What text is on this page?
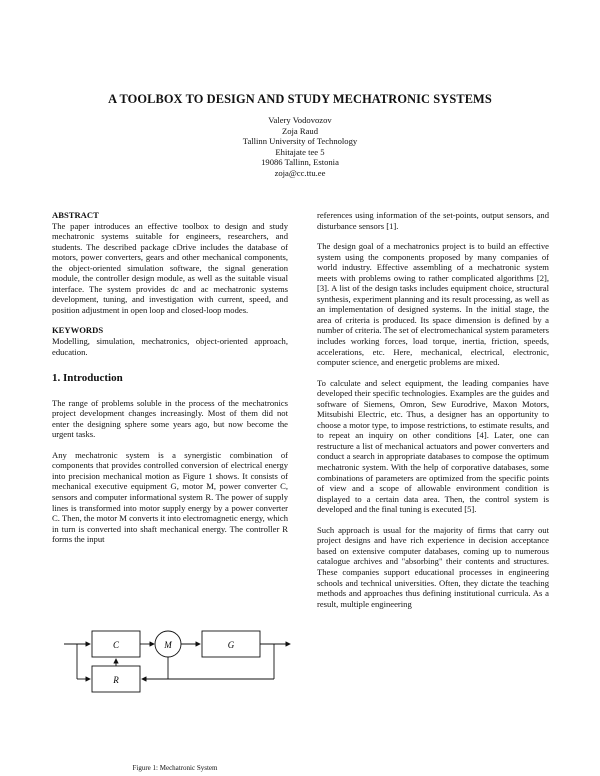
A TOOLBOX TO DESIGN AND STUDY MECHATRONIC SYSTEMS
Valery Vodovozov
Zoja Raud
Tallinn University of Technology
Ehitajate tee 5
19086 Tallinn, Estonia
zoja@cc.ttu.ee

ABSTRACT

The paper introduces an effective toolbox to design and study mechatronic systems suitable for engineers, researchers, and students. The described package cDrive includes the database of motors, power converters, gears and other mechanical components, the object-oriented simulation software, the signal generation module, the controller design module, as well as the suitable visual interface. The system provides dc and ac mechatronic systems development, tuning, and investigation with current, speed, and position adjustment in open loop and closed-loop modes.

KEYWORDS

Modelling, simulation, mechatronics, object-oriented approach, education.

1. Introduction

The range of problems soluble in the process of the mechatronics project development changes increasingly. Most of them did not enter the designing sphere some years ago, but now become the urgent tasks.

Any mechatronic system is a synergistic combination of components that provides controlled conversion of electrical energy into precision mechanical motion as Figure 1 shows. It consists of mechanical executive equipment G, motor M, power converter C, sensors and computer informational system R. The power of supply lines is transformed into motor supply energy by a power converter C. Then, the motor M converts it into electromagnetic energy, which in turn is converted into shaft mechanical energy. The controller R forms the input

references using information of the set-points, output sensors, and disturbance sensors [1].

The design goal of a mechatronics project is to build an effective system using the components proposed by many companies of world industry. Effective assembling of a mechatronic system meets with problems owing to rather complicated algorithms [2], [3]. A list of the design tasks includes equipment choice, structural synthesis, experiment planning and its result processing, as well as an implementation of designed systems. In the initial stage, the area of criteria is produced. Its space dimension is defined by a number of criteria. The set of electromechanical system parameters includes working forces, load torque, inertia, friction, speeds, accelerations, etc. Here, mechanical, electrical, electronic, computer science, and energetic problems are mixed.

To calculate and select equipment, the leading companies have developed their specific technologies. Examples are the guides and software of Siemens, Omron, Sew Eurodrive, Maxon Motors, Mitsubishi Electric, etc. Thus, a designer has an opportunity to choose a motor type, to impose restrictions, to estimate results, and to repeat an inquiry on other conditions [4]. Later, one can restructure a list of mechanical actuators and power converters and conduct a search in appropriate databases to compose the optimum mechatronic system. With the help of corporative databases, some combinations of parameters are optimized from the specific points of view and a scope of allowable environment condition is displayed to a certain data area. Then, the control system is developed and the final tuning is executed [5].

Such approach is usual for the majority of firms that carry out project designs and have rich experience in decision acceptance based on extensive computer databases, coming up to numerous catalogue archives and "absorbing" their contents and structures. These companies support educational processes in engineering schools and technical universities. Often, they dictate the teaching methods and approaches thus defining institutional curricula. As a result, multiple engineering

C	M	G
R
Figure 1: Mechatronic System
